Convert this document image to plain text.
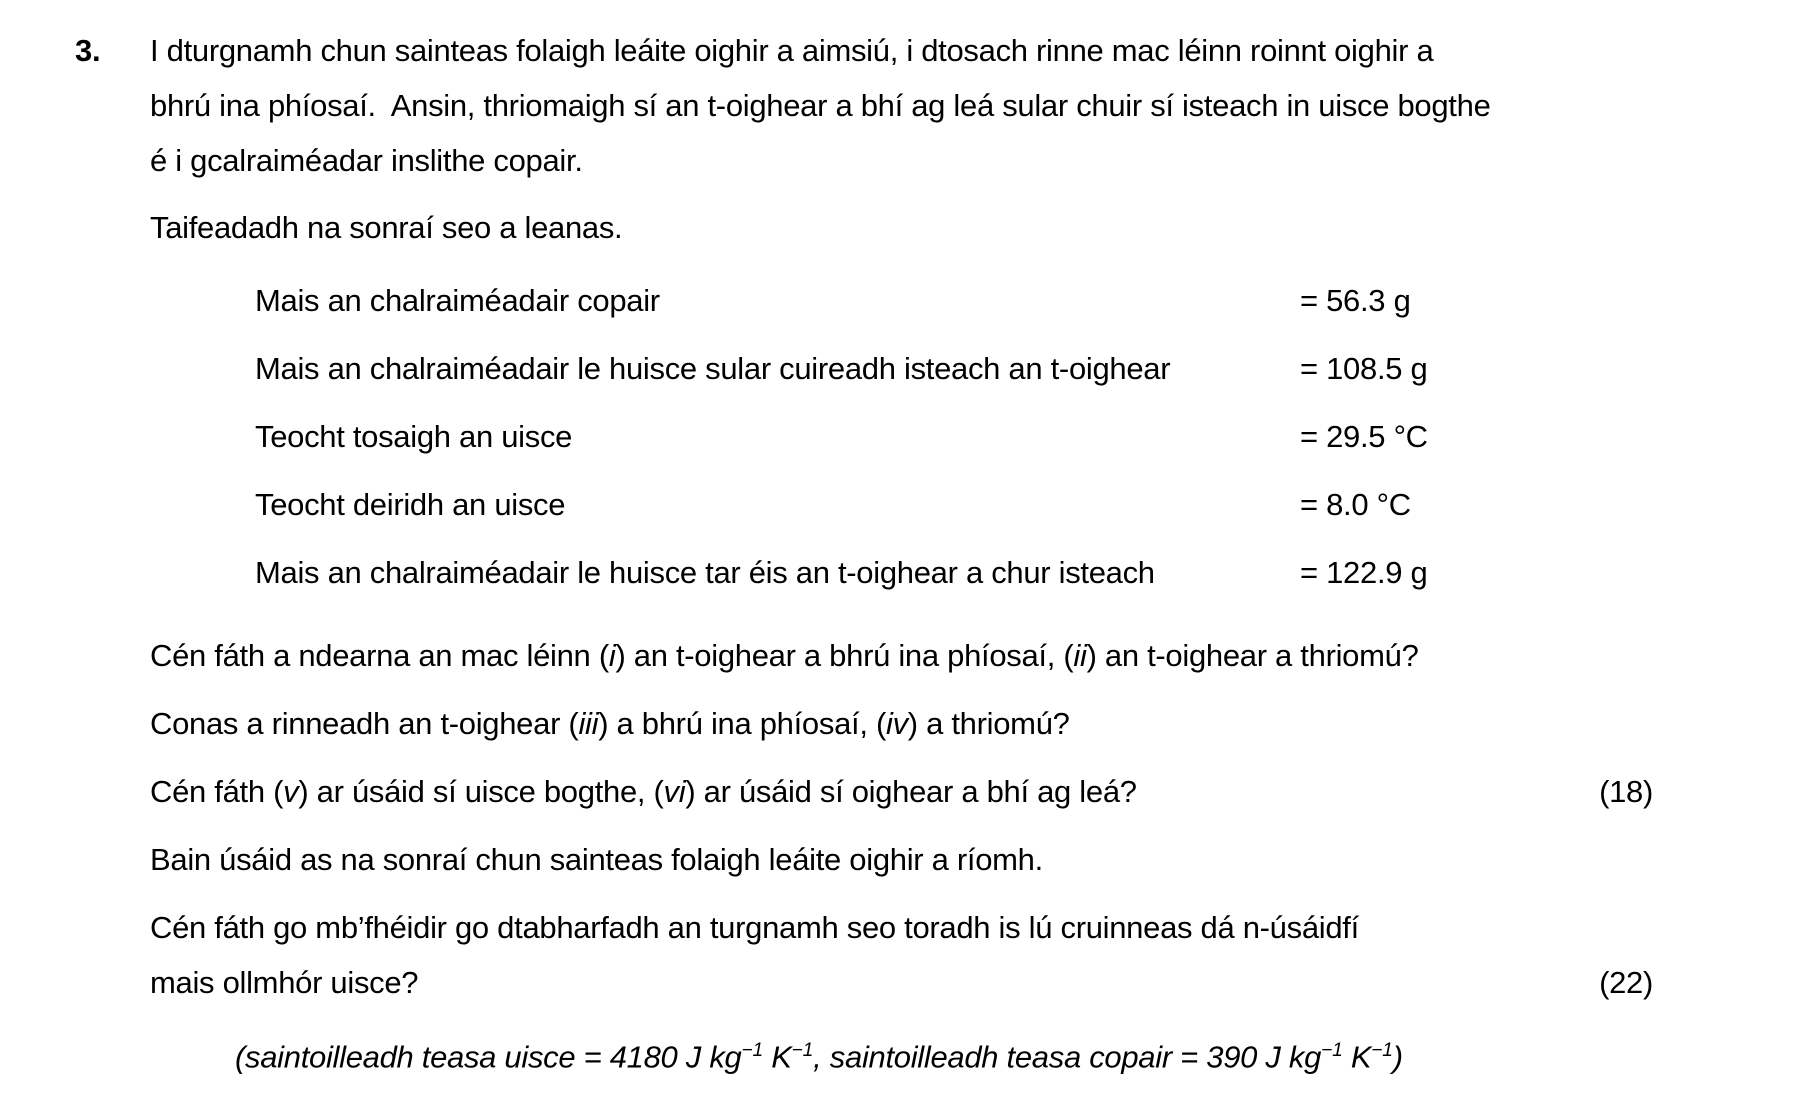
3.	I dturgnamh chun sainteas folaigh leáite oighir a aimsiú, i dtosach rinne mac léinn roinnt oighir a
bhrú ina phíosaí.  Ansin, thriomaigh sí an t-oighear a bhí ag leá sular chuir sí isteach in uisce bogthe
é i gcalraiméadar inslithe copair.
Taifeadadh na sonraí seo a leanas.
Mais an chalraiméadair copair	= 56.3 g
Mais an chalraiméadair le huisce sular cuireadh isteach an t-oighear	= 108.5 g
Teocht tosaigh an uisce	= 29.5 °C
Teocht deiridh an uisce	= 8.0 °C
Mais an chalraiméadair le huisce tar éis an t-oighear a chur isteach	= 122.9 g
Cén fáth a ndearna an mac léinn (i) an t-oighear a bhrú ina phíosaí, (ii) an t-oighear a thriomú?
Conas a rinneadh an t-oighear (iii) a bhrú ina phíosaí, (iv) a thriomú?
Cén fáth (v) ar úsáid sí uisce bogthe, (vi) ar úsáid sí oighear a bhí ag leá?	(18)
Bain úsáid as na sonraí chun sainteas folaigh leáite oighir a ríomh.
Cén fáth go mb’fhéidir go dtabharfadh an turgnamh seo toradh is lú cruinneas dá n-úsáidfí
mais ollmhór uisce?	(22)
(saintoilleadh teasa uisce = 4180 J $kg^{-1}$ $K^{-1}$, saintoilleadh teasa copair = 390 J $kg^{-1}$ $K^{-1}$)
